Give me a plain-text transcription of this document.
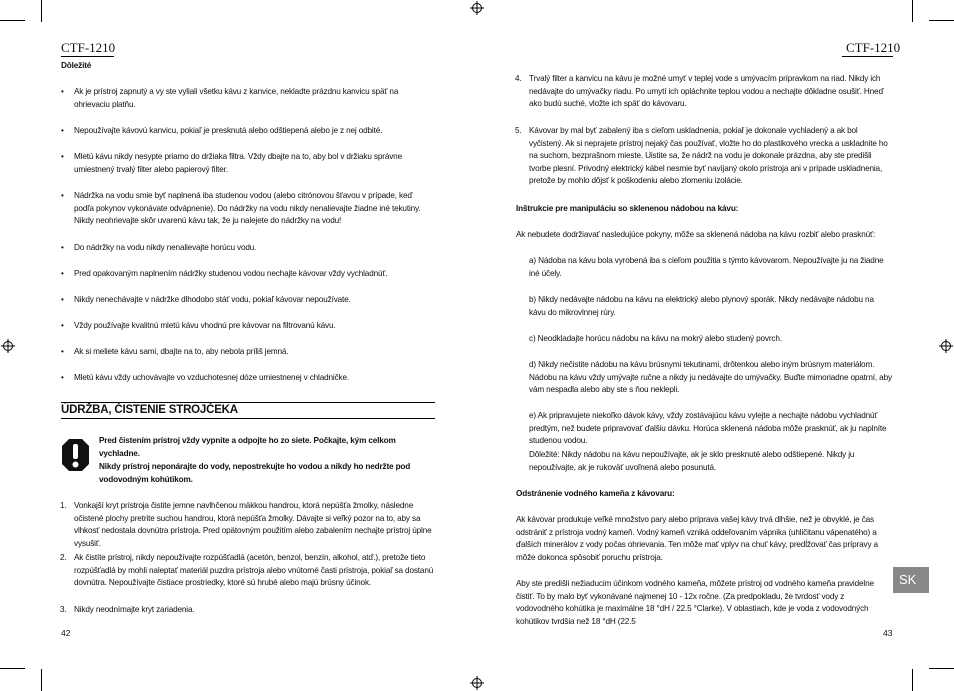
CTF-1210
Dôležité
• Ak je prístroj zapnutý a vy ste vyliali všetku kávu z kanvice, nekladte prázdnu kanvicu späť na ohrievaciu platňu.
• Nepoužívajte kávovú kanvicu, pokiaľ je presknutá alebo odštiepená alebo je z nej odbité.
• Mletú kávu nikdy nesypte priamo do držiaka filtra. Vždy dbajte na to, aby bol v držiaku správne umiestnený trvalý filter alebo papierový filter.
• Nádržka na vodu smie byť naplnená iba studenou vodou (alebo citrónovou šťavou v prípade, keď podľa pokynov vykonávate odvápnenie). Do nádržky na vodu nikdy nenalievajte žiadne iné tekutiny. Nikdy neohrievajte skôr uvarenú kávu tak, že ju nalejete do nádržky na vodu!
• Do nádržky na vodu nikdy nenalievajte horúcu vodu.
• Pred opakovaným naplnením nádržky studenou vodou nechajte kávovar vždy vychladnúť.
• Nikdy nenechávajte v nádržke dlhodobo stáť vodu, pokiaľ kávovar nepoužívate.
• Vždy používajte kvalitnú mletú kávu vhodnú pre kávovar na filtrovanú kávu.
• Ak si meliete kávu sami, dbajte na to, aby nebola príliš jemná.
• Mletú kávu vždy uchovávajte vo vzduchotesnej dóze umiestnenej v chladničke.
ÚDRŽBA, ČISTENIE STROJČEKA
Pred čistením prístroj vždy vypnite a odpojte ho zo siete. Počkajte, kým celkom vychladne.
Nikdy prístroj neponárajte do vody, nepostrekujte ho vodou a nikdy ho nedržte pod vodovodným kohútikom.
1. Vonkajší kryt prístroja čistite jemne navlhčenou mäkkou handrou, ktorá nepúšťa žmolky, následne očistené plochy pretrite suchou handrou, ktorá nepúšťa žmolky. Dávajte si veľký pozor na to, aby sa vlhkosť nedostala dovnútra prístroja. Pred opätovným použitím alebo zabalením nechajte prístroj úplne vysušiť.
2. Ak čistíte prístroj, nikdy nepoužívajte rozpúšťadlá (acetón, benzol, benzín, alkohol, atď.), pretože tieto rozpúšťadlá by mohli naleptať materiál puzdra prístroja alebo vnútorné časti prístroja, pokiaľ sa dostanú dovnútra. Nepoužívajte čistiace prostriedky, ktoré sú hrubé alebo majú brúsny účinok.
3. Nikdy neodnímajte kryt zariadenia.
42
CTF-1210
4. Trvalý filter a kanvicu na kávu je možné umyť v teplej vode s umývacím prípravkom na riad. Nikdy ich nedávajte do umývačky riadu. Po umytí ich opláchnite teplou vodou a nechajte dôkladne osušiť. Hneď ako budú suché, vložte ich späť do kávovaru.
5. Kávovar by mal byť zabalený iba s cieľom uskladnenia, pokiaľ je dokonale vychladený a ak bol vyčistený. Ak si neprajete prístroj nejaký čas používať, vložte ho do plastikového vrecka a uskladnite ho na suchom, bezprašnom mieste. Uistite sa, že nádrž na vodu je dokonale prázdna, aby ste predišli tvorbe plesní. Privodný elektrický kábel nesmie byť navíjaný okolo prístroja ani v prípade uskladnenia, pretože by mohlo dôjsť k poškodeniu alebo zlomeniu izolácie.
Inštrukcie pre manipuláciu so sklenenou nádobou na kávu:
Ak nebudete dodržiavať nasledujúce pokyny, môže sa sklenená nádoba na kávu rozbiť alebo prasknúť:
a) Nádoba na kávu bola vyrobená iba s cieľom použitia s týmto kávovarom. Nepoužívajte ju na žiadne iné účely.
b) Nikdy nedávajte nádobu na kávu na elektrický alebo plynový sporák. Nikdy nedávajte nádobu na kávu do mikrovlnnej rúry.
c) Neodkladajte horúcu nádobu na kávu na mokrý alebo studený povrch.
d) Nikdy nečistite nádobu na kávu brúsnymi tekutinami, drôtenkou alebo iným brúsnym materiálom. Nádobu na kávu vždy umývajte ručne a nikdy ju nedávajte do umývačky. Buďte mimoriadne opatrní, aby vám nespadla alebo aby ste s ňou neklepli.
e) Ak pripravujete niekoľko dávok kávy, vždy zostávajúcu kávu vylejte a nechajte nádobu vychladnúť predtým, než budete pripravovať ďalšiu dávku. Horúca sklenená nádoba môže prasknúť, ak ju naplníte studenou vodou.
Dôležité: Nikdy nádobu na kávu nepoužívajte, ak je sklo presknuté alebo odštiepené. Nikdy ju nepoužívajte, ak je rukoväť uvoľnená alebo posunutá.
Odstránenie vodného kameňa z kávovaru:
Ak kávovar produkuje veľké množstvo pary alebo príprava vašej kávy trvá dlhšie, než je obvyklé, je čas odstrániť z prístroja vodný kameň. Vodný kameň vzniká oddeľovaním vápnika (uhličitanu vápenatého) a ďalších minerálov z vody počas ohrievania. Ten môže mať vplyv na chuť kávy, predĺžovať čas prípravy a môže dokonca spôsobiť poruchu prístroja.
Aby ste predišli nežiaducim účinkom vodného kameňa, môžete prístroj od vodného kameňa pravidelne čistiť. To by malo byť vykonávané najmenej 10 - 12x ročne. (Za predpokladu, že tvrdosť vody z vodovodného kohútika je maximálne 18 °dH / 22.5 °Clarke). V oblastiach, kde je voda z vodovodných kohútikov tvrdšia než 18 °dH (22.5
SK
43
